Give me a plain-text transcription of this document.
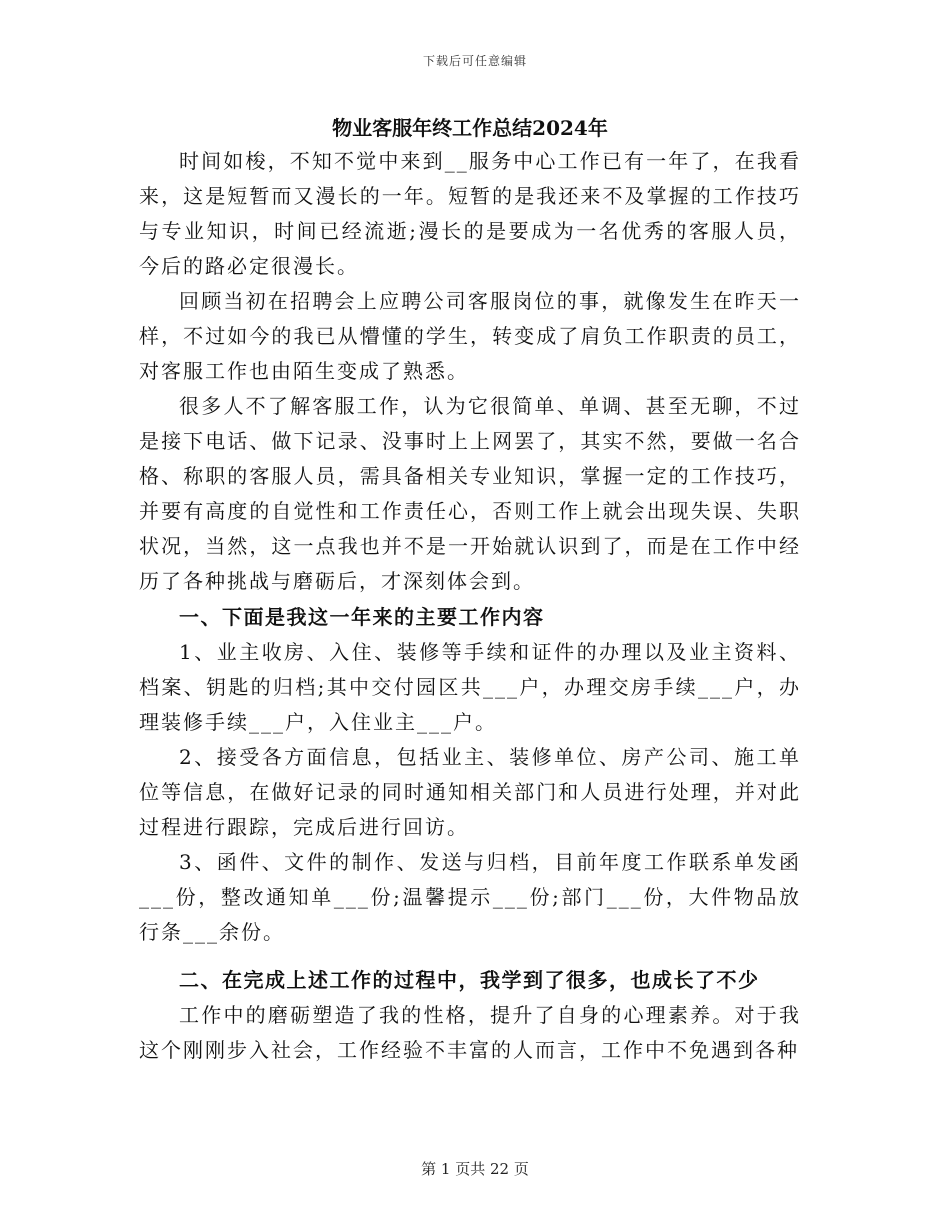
下载后可任意编辑
物业客服年终工作总结2024年

时间如梭，不知不觉中来到__服务中心工作已有一年了，在我看来，这是短暂而又漫长的一年。短暂的是我还来不及掌握的工作技巧与专业知识，时间已经流逝;漫长的是要成为一名优秀的客服人员，今后的路必定很漫长。

回顾当初在招聘会上应聘公司客服岗位的事，就像发生在昨天一样，不过如今的我已从懵懂的学生，转变成了肩负工作职责的员工，对客服工作也由陌生变成了熟悉。

很多人不了解客服工作，认为它很简单、单调、甚至无聊，不过是接下电话、做下记录、没事时上上网罢了，其实不然，要做一名合格、称职的客服人员，需具备相关专业知识，掌握一定的工作技巧，并要有高度的自觉性和工作责任心，否则工作上就会出现失误、失职状况，当然，这一点我也并不是一开始就认识到了，而是在工作中经历了各种挑战与磨砺后，才深刻体会到。

一、下面是我这一年来的主要工作内容

1、业主收房、入住、装修等手续和证件的办理以及业主资料、档案、钥匙的归档;其中交付园区共___户，办理交房手续___户，办理装修手续___户，入住业主___户。

2、接受各方面信息，包括业主、装修单位、房产公司、施工单位等信息，在做好记录的同时通知相关部门和人员进行处理，并对此过程进行跟踪，完成后进行回访。

3、函件、文件的制作、发送与归档，目前年度工作联系单发函___份，整改通知单___份;温馨提示___份;部门___份，大件物品放行条___余份。

二、在完成上述工作的过程中，我学到了很多，也成长了不少

工作中的磨砺塑造了我的性格，提升了自身的心理素养。对于我这个刚刚步入社会，工作经验不丰富的人而言，工作中不免遇到各种

第 1 页共 22 页
